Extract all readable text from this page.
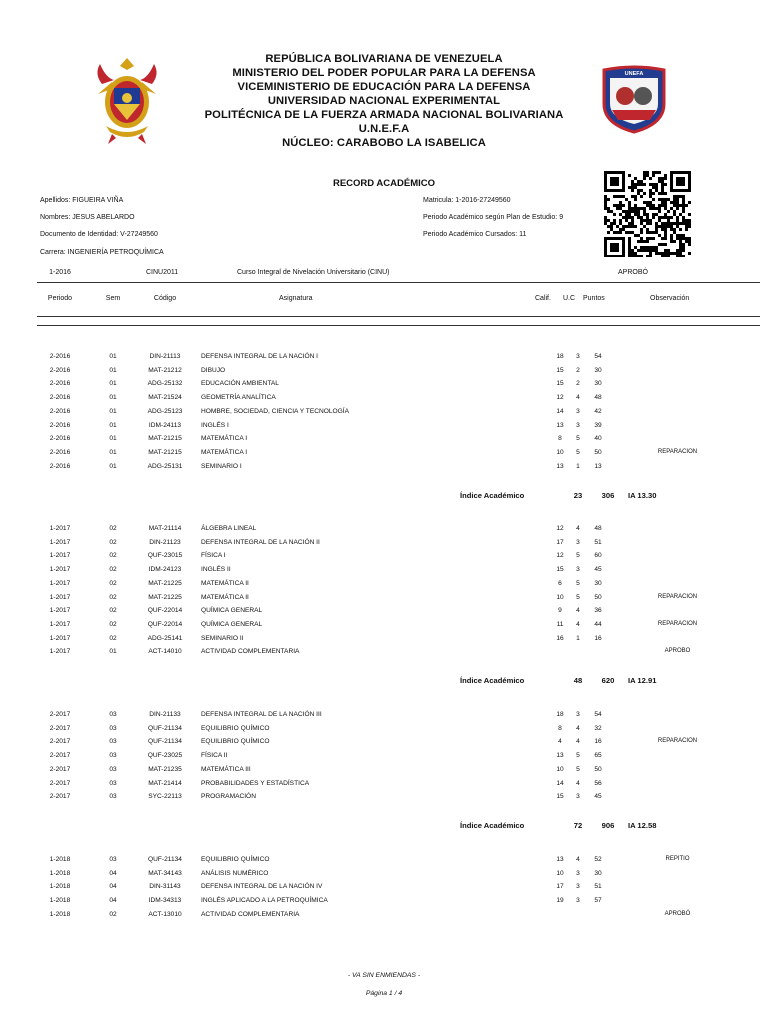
UNEFA
REPÚBLICA BOLIVARIANA DE VENEZUELA
MINISTERIO DEL PODER POPULAR PARA LA DEFENSA
VICEMINISTERIO DE EDUCACIÓN PARA LA DEFENSA
UNIVERSIDAD NACIONAL EXPERIMENTAL
POLITÉCNICA DE LA FUERZA ARMADA NACIONAL BOLIVARIANA
U.N.E.F.A
NÚCLEO: CARABOBO LA ISABELICA
RECORD ACADÉMICO
Apellidos: FIGUEIRA VIÑA
Nombres: JESUS ABELARDO
Documento de Identidad: V-27249560
Carrera: INGENIERÍA PETROQUÍMICA
Matricula: 1-2016-27249560
Periodo Académico según Plan de Estudio: 9
Periodo Académico Cursados: 11
1-2016	CINU2011	Curso Integral de Nivelación Universitario (CINU)	APROBÓ
Periodo	Sem	Código	Asignatura	Calif. U.C Puntos	Observación
2-2016	01	DIN-21113	DEFENSA INTEGRAL DE LA NACIÓN I	18	3	54
2-2016	01	MAT-21212	DIBUJO	15	2	30
2-2016	01	ADG-25132	EDUCACIÓN AMBIENTAL	15	2	30
2-2016	01	MAT-21524	GEOMETRÍA ANALÍTICA	12	4	48
2-2016	01	ADG-25123	HOMBRE, SOCIEDAD, CIENCIA Y TECNOLOGÍA	14	3	42
2-2016	01	IDM-24113	INGLÉS I	13	3	39
2-2016	01	MAT-21215	MATEMÁTICA I	8	5	40
2-2016	01	MAT-21215	MATEMÁTICA I	10	5	50	REPARACION
2-2016	01	ADG-25131	SEMINARIO I	13	1	13
Índice Académico	23	306	IA 13.30
1-2017	02	MAT-21114	ÁLGEBRA LINEAL	12	4	48
1-2017	02	DIN-21123	DEFENSA INTEGRAL DE LA NACIÓN II	17	3	51
1-2017	02	QUF-23015	FÍSICA I	12	5	60
1-2017	02	IDM-24123	INGLÉS II	15	3	45
1-2017	02	MAT-21225	MATEMÁTICA II	6	5	30
1-2017	02	MAT-21225	MATEMÁTICA II	10	5	50	REPARACION
1-2017	02	QUF-22014	QUÍMICA GENERAL	9	4	36
1-2017	02	QUF-22014	QUÍMICA GENERAL	11	4	44	REPARACION
1-2017	02	ADG-25141	SEMINARIO II	16	1	16
1-2017	01	ACT-14010	ACTIVIDAD COMPLEMENTARIA	APROBO
Índice Académico	48	620	IA 12.91
2-2017	03	DIN-21133	DEFENSA INTEGRAL DE LA NACIÓN III	18	3	54
2-2017	03	QUF-21134	EQUILIBRIO QUÍMICO	8	4	32
2-2017	03	QUF-21134	EQUILIBRIO QUÍMICO	4	4	16	REPARACION
2-2017	03	QUF-23025	FÍSICA II	13	5	65
2-2017	03	MAT-21235	MATEMÁTICA III	10	5	50
2-2017	03	MAT-21414	PROBABILIDADES Y ESTADÍSTICA	14	4	56
2-2017	03	SYC-22113	PROGRAMACIÓN	15	3	45
Índice Académico	72	906	IA 12.58
1-2018	03	QUF-21134	EQUILIBRIO QUÍMICO	13	4	52	REPITIO
1-2018	04	MAT-34143	ANÁLISIS NUMÉRICO	10	3	30
1-2018	04	DIN-31143	DEFENSA INTEGRAL DE LA NACIÓN IV	17	3	51
1-2018	04	IDM-34313	INGLÉS APLICADO A LA PETROQUÍMICA	19	3	57
1-2018	02	ACT-13010	ACTIVIDAD COMPLEMENTARIA	APROBÓ
- VA SIN ENMIENDAS -
Página 1 / 4
